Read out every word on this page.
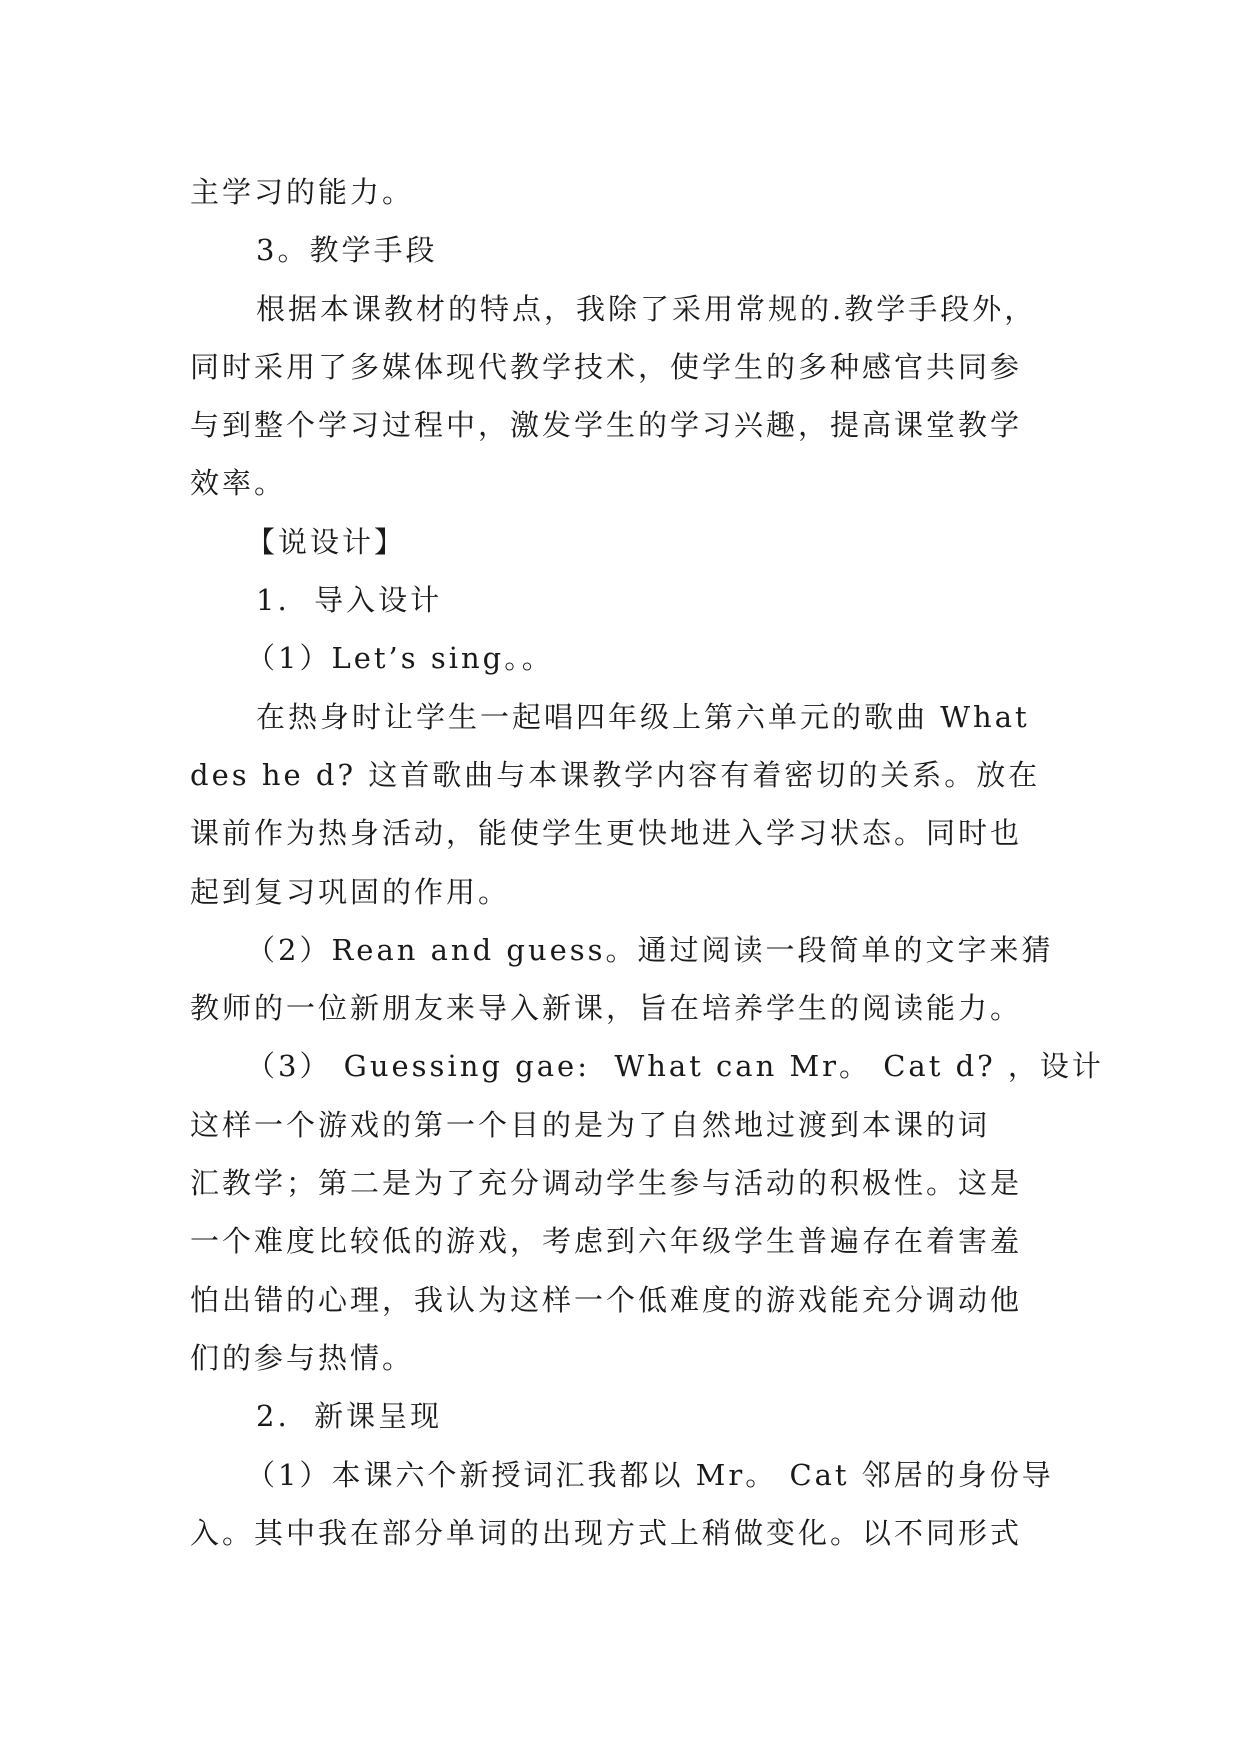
主学习的能力。
3。教学手段
根据本课教材的特点，我除了采用常规的.教学手段外，
同时采用了多媒体现代教学技术，使学生的多种感官共同参
与到整个学习过程中，激发学生的学习兴趣，提高课堂教学
效率。
【说设计】
1.  导入设计
（1）Let’s sing。。
在热身时让学生一起唱四年级上第六单元的歌曲 What
des he d? 这首歌曲与本课教学内容有着密切的关系。放在
课前作为热身活动，能使学生更快地进入学习状态。同时也
起到复习巩固的作用。
（2）Rean and guess。通过阅读一段简单的文字来猜
教师的一位新朋友来导入新课，旨在培养学生的阅读能力。
（3） Guessing gae:  What can Mr。 Cat d? ，设计
这样一个游戏的第一个目的是为了自然地过渡到本课的词
汇教学；第二是为了充分调动学生参与活动的积极性。这是
一个难度比较低的游戏，考虑到六年级学生普遍存在着害羞
怕出错的心理，我认为这样一个低难度的游戏能充分调动他
们的参与热情。
2.  新课呈现
（1）本课六个新授词汇我都以 Mr。 Cat 邻居的身份导
入。其中我在部分单词的出现方式上稍做变化。以不同形式
